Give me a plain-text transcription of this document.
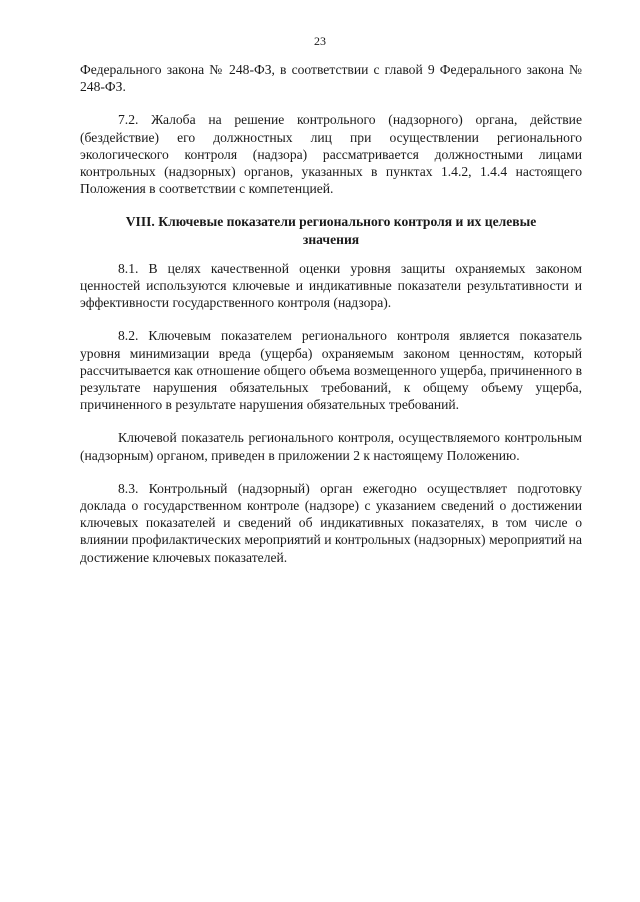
23

Федерального закона № 248-ФЗ, в соответствии с главой 9 Федерального закона № 248-ФЗ.

7.2. Жалоба на решение контрольного (надзорного) органа, действие (бездействие) его должностных лиц при осуществлении регионального экологического контроля (надзора) рассматривается должностными лицами контрольных (надзорных) органов, указанных в пунктах 1.4.2, 1.4.4 настоящего Положения в соответствии с компетенцией.

VIII. Ключевые показатели регионального контроля и их целевые значения

8.1. В целях качественной оценки уровня защиты охраняемых законом ценностей используются ключевые и индикативные показатели результативности и эффективности государственного контроля (надзора).

8.2. Ключевым показателем регионального контроля является показатель уровня минимизации вреда (ущерба) охраняемым законом ценностям, который рассчитывается как отношение общего объема возмещенного ущерба, причиненного в результате нарушения обязательных требований, к общему объему ущерба, причиненного в результате нарушения обязательных требований.

Ключевой показатель регионального контроля, осуществляемого контрольным (надзорным) органом, приведен в приложении 2 к настоящему Положению.

8.3. Контрольный (надзорный) орган ежегодно осуществляет подготовку доклада о государственном контроле (надзоре) с указанием сведений о достижении ключевых показателей и сведений об индикативных показателях, в том числе о влиянии профилактических мероприятий и контрольных (надзорных) мероприятий на достижение ключевых показателей.
